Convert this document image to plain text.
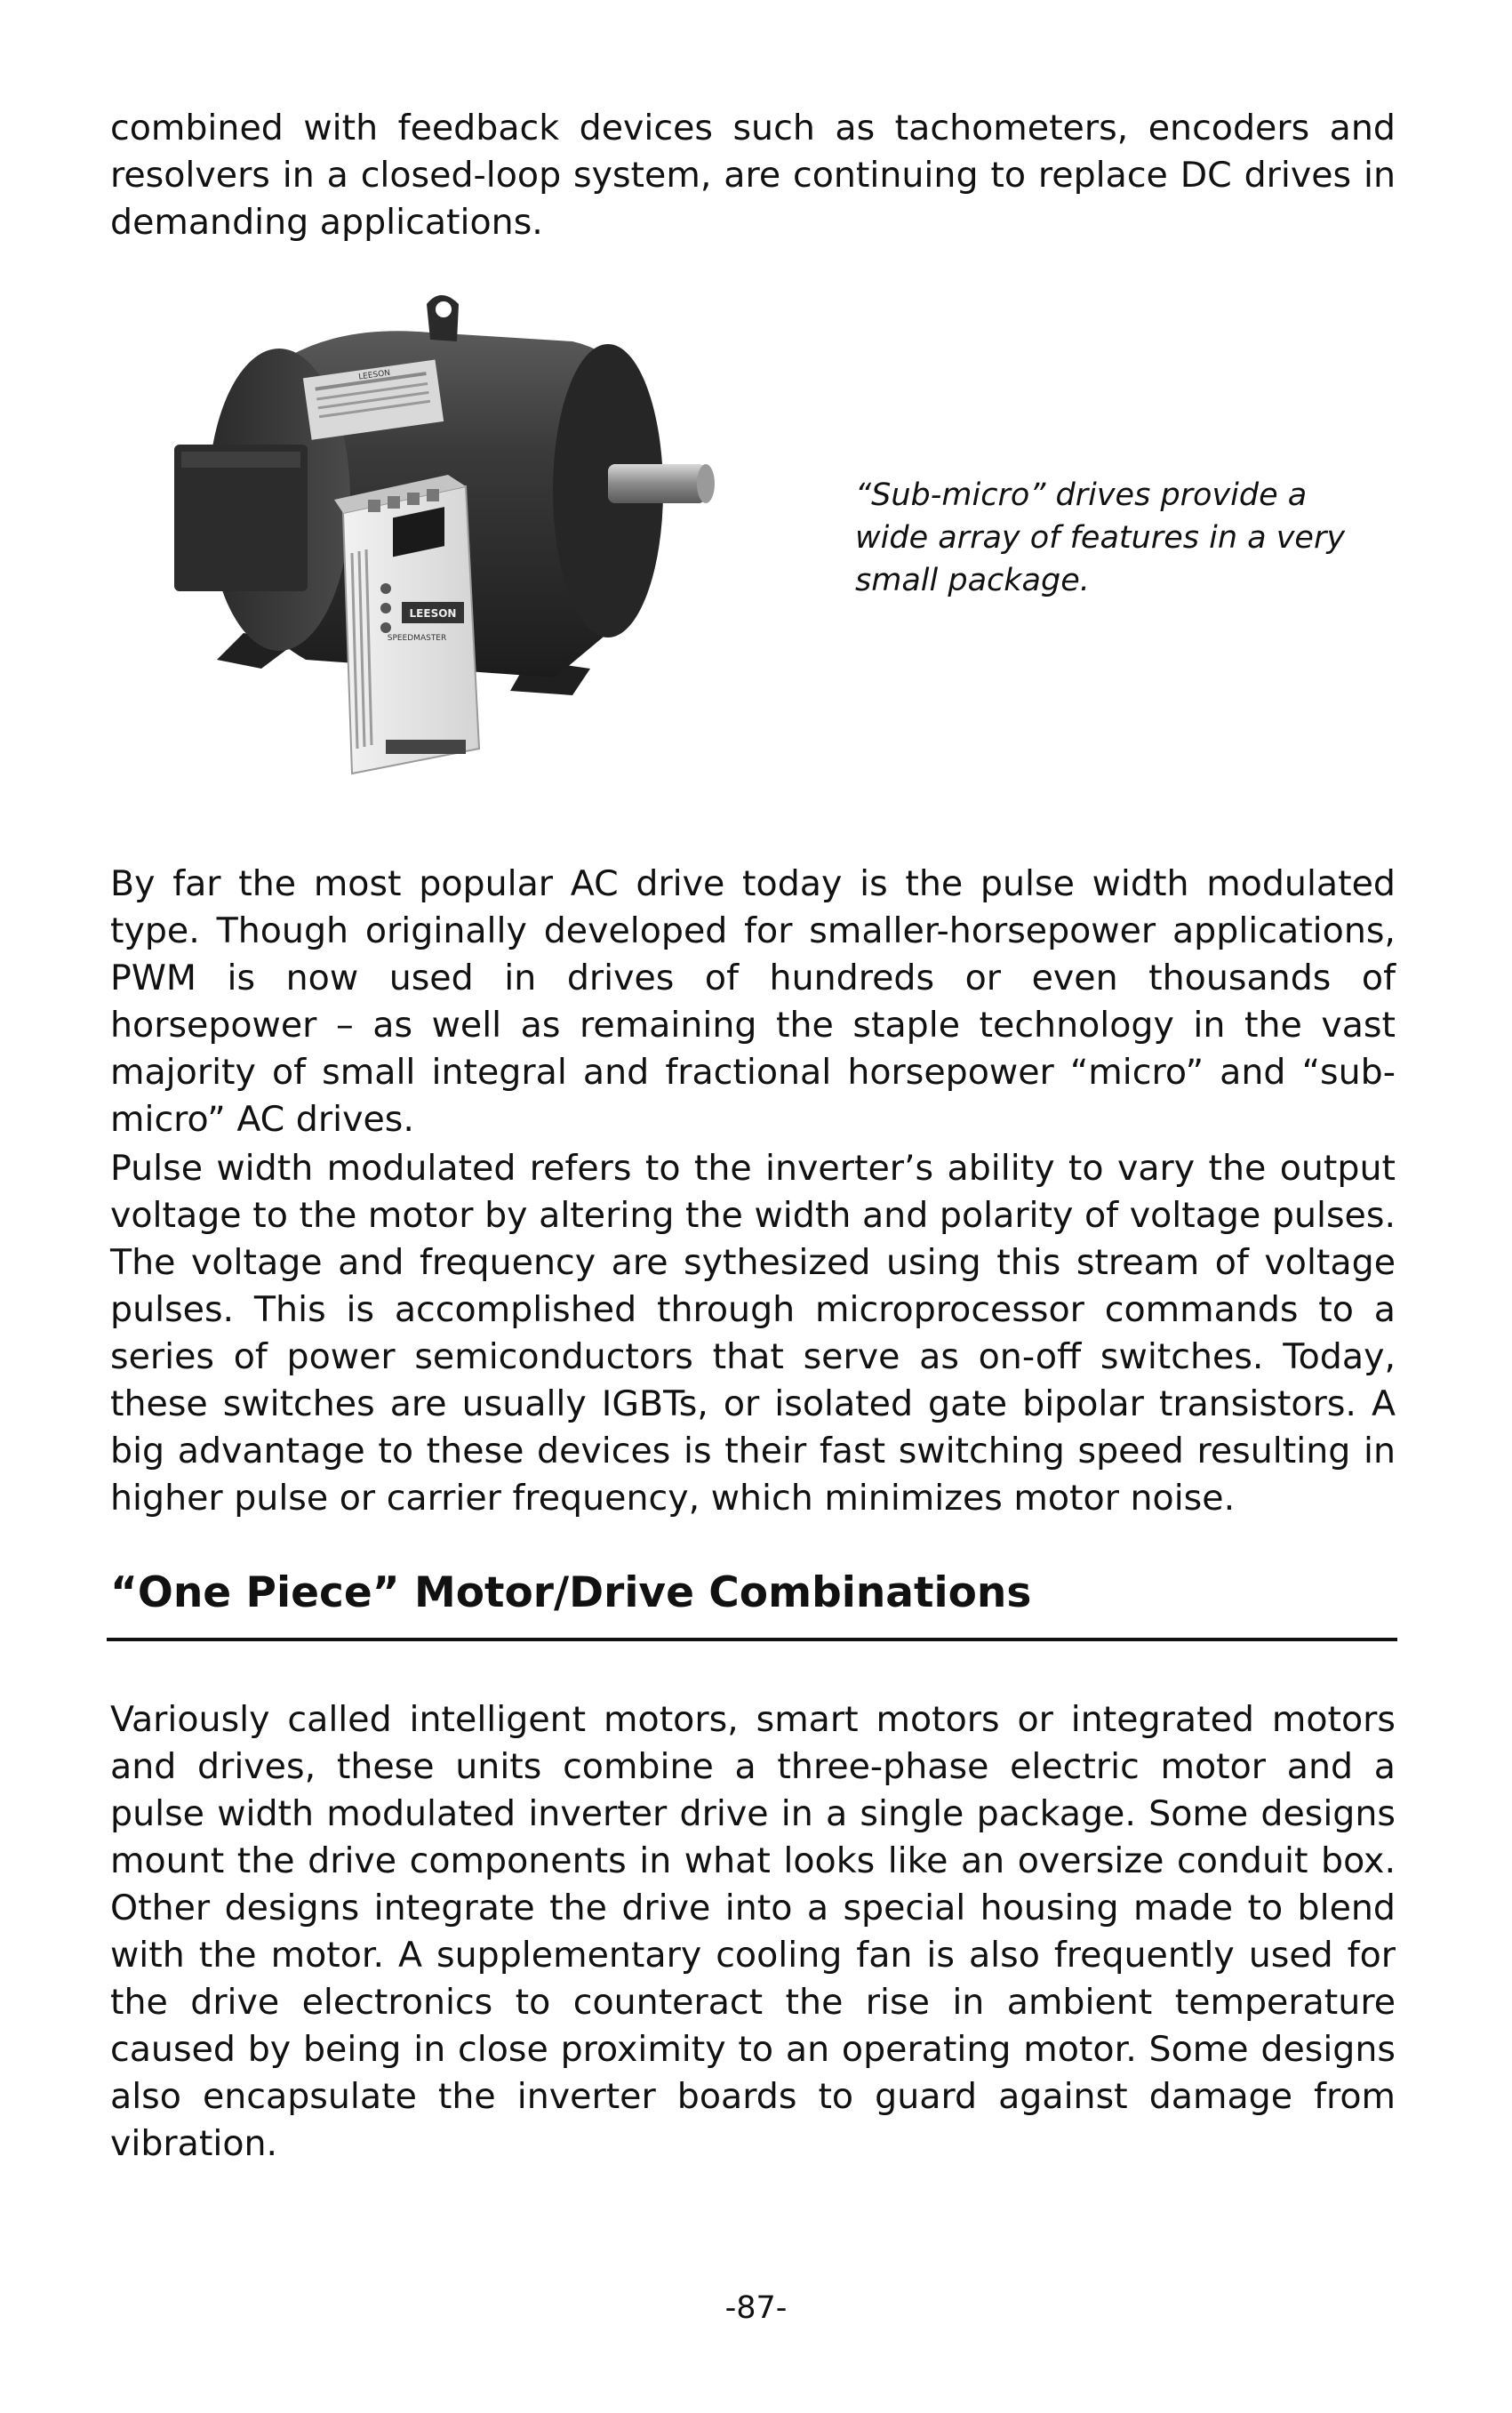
combined with feedback devices such as tachometers, encoders and resolvers in a closed-loop system, are continuing to replace DC drives in demanding applications.

LEESON
LEESON
SPEEDMASTER

“Sub-micro” drives provide a wide array of features in a very small package.

By far the most popular AC drive today is the pulse width modulated type. Though originally developed for smaller-horsepower applications, PWM is now used in drives of hundreds or even thousands of horsepower – as well as remaining the staple technology in the vast majority of small integral and fractional horsepower “micro” and “sub-micro” AC drives.

Pulse width modulated refers to the inverter’s ability to vary the output voltage to the motor by altering the width and polarity of voltage pulses. The voltage and frequency are sythesized using this stream of voltage pulses. This is accomplished through microprocessor commands to a series of power semiconductors that serve as on-off switches. Today, these switches are usually IGBTs, or isolated gate bipolar transistors. A big advantage to these devices is their fast switching speed resulting in higher pulse or carrier frequency, which minimizes motor noise.

“One Piece” Motor/Drive Combinations

Variously called intelligent motors, smart motors or integrated motors and drives, these units combine a three-phase electric motor and a pulse width modulated inverter drive in a single package. Some designs mount the drive components in what looks like an oversize conduit box. Other designs integrate the drive into a special housing made to blend with the motor. A supplementary cooling fan is also frequently used for the drive electronics to counteract the rise in ambient temperature caused by being in close proximity to an operating motor. Some designs also encapsulate the inverter boards to guard against damage from vibration.

-87-
